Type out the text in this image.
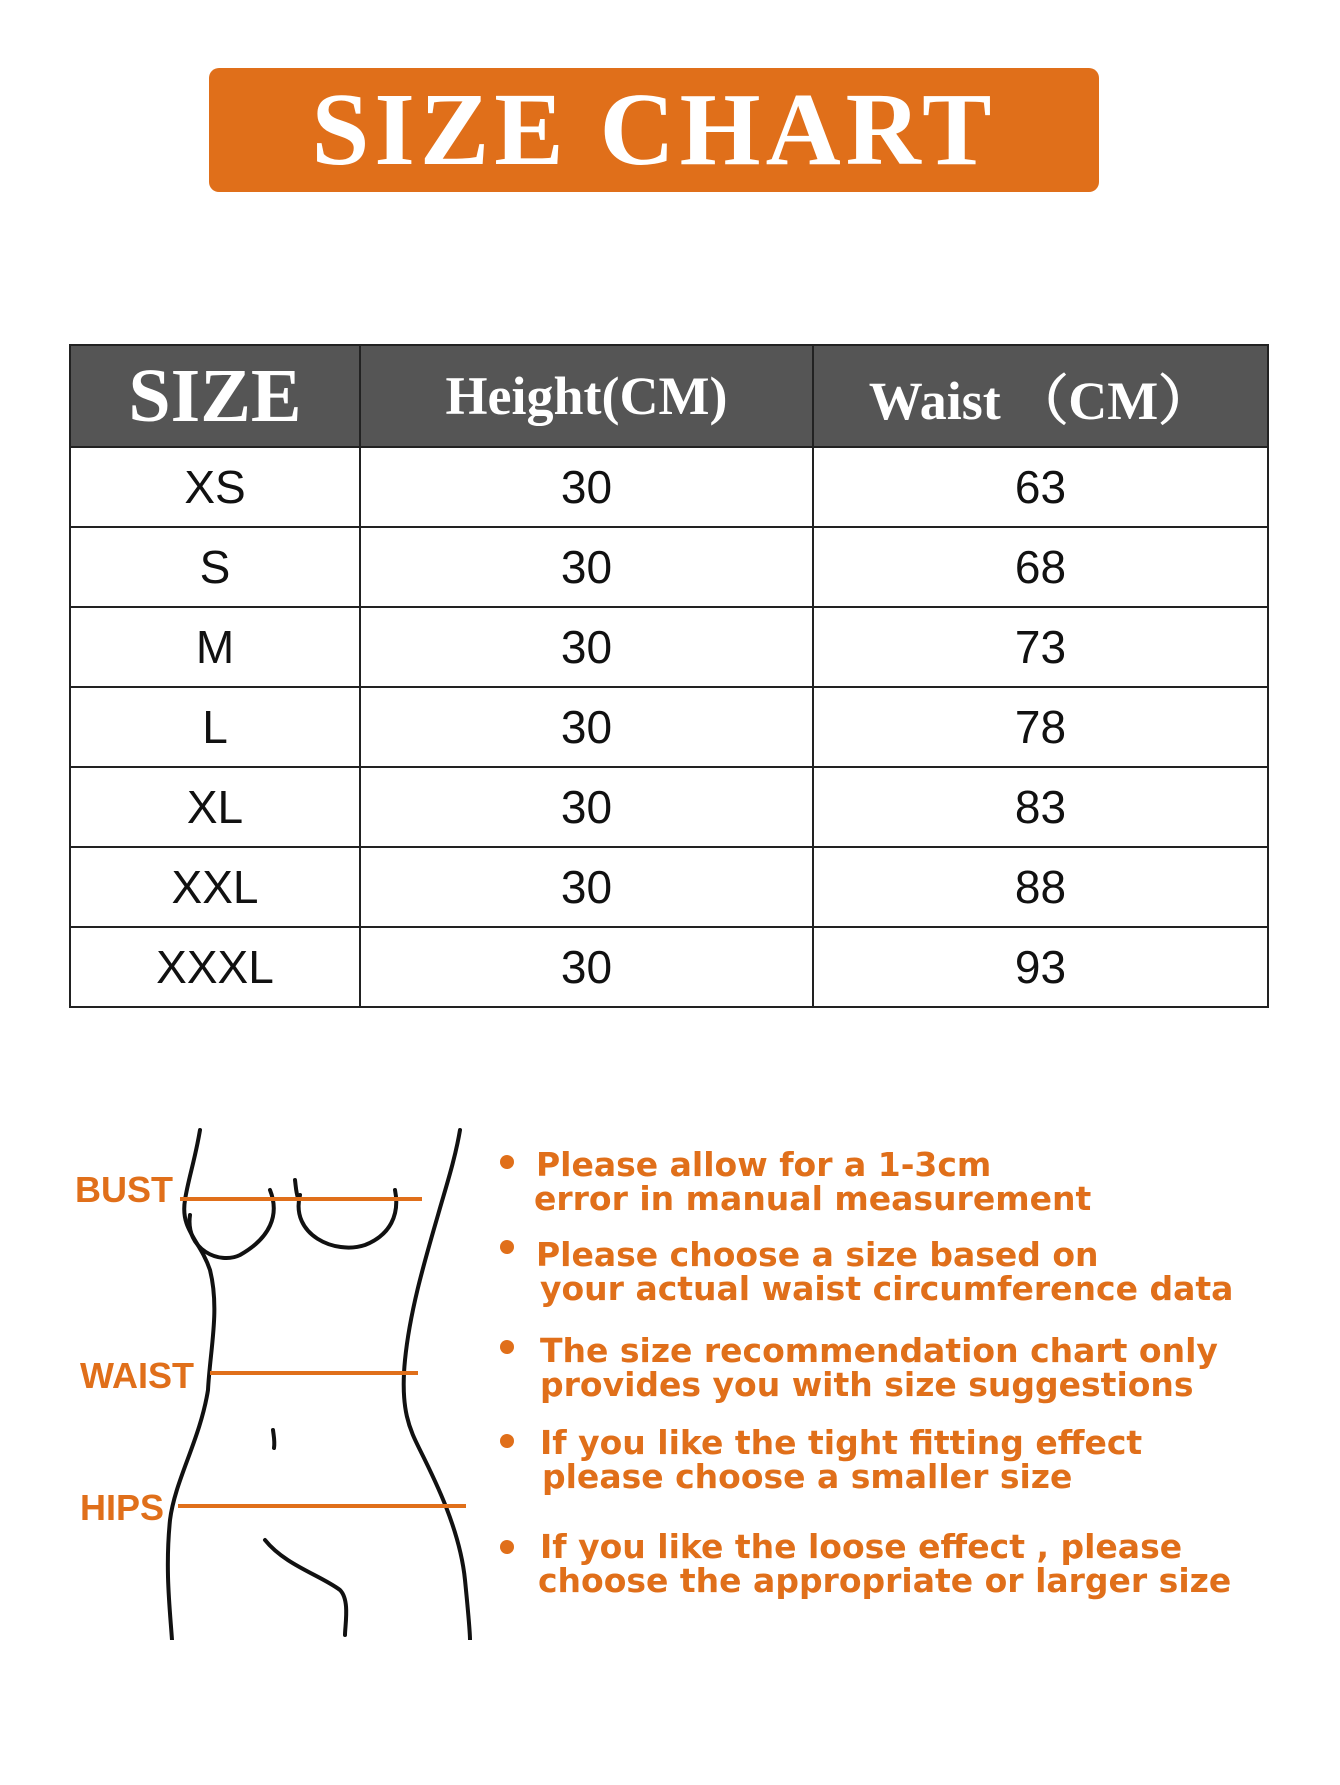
SIZE CHART
SIZE	Height(CM)	Waist （CM）
XS	30	63
S	30	68
M	30	73
L	30	78
XL	30	83
XXL	30	88
XXXL	30	93
BUST
WAIST
HIPS
Please allow for a 1-3cm
error in manual measurement
Please choose a size based on
your actual waist circumference data
The size recommendation chart only
provides you with size suggestions
If you like the tight fitting effect
please choose a smaller size
If you like the loose effect , please
choose the appropriate or larger size
